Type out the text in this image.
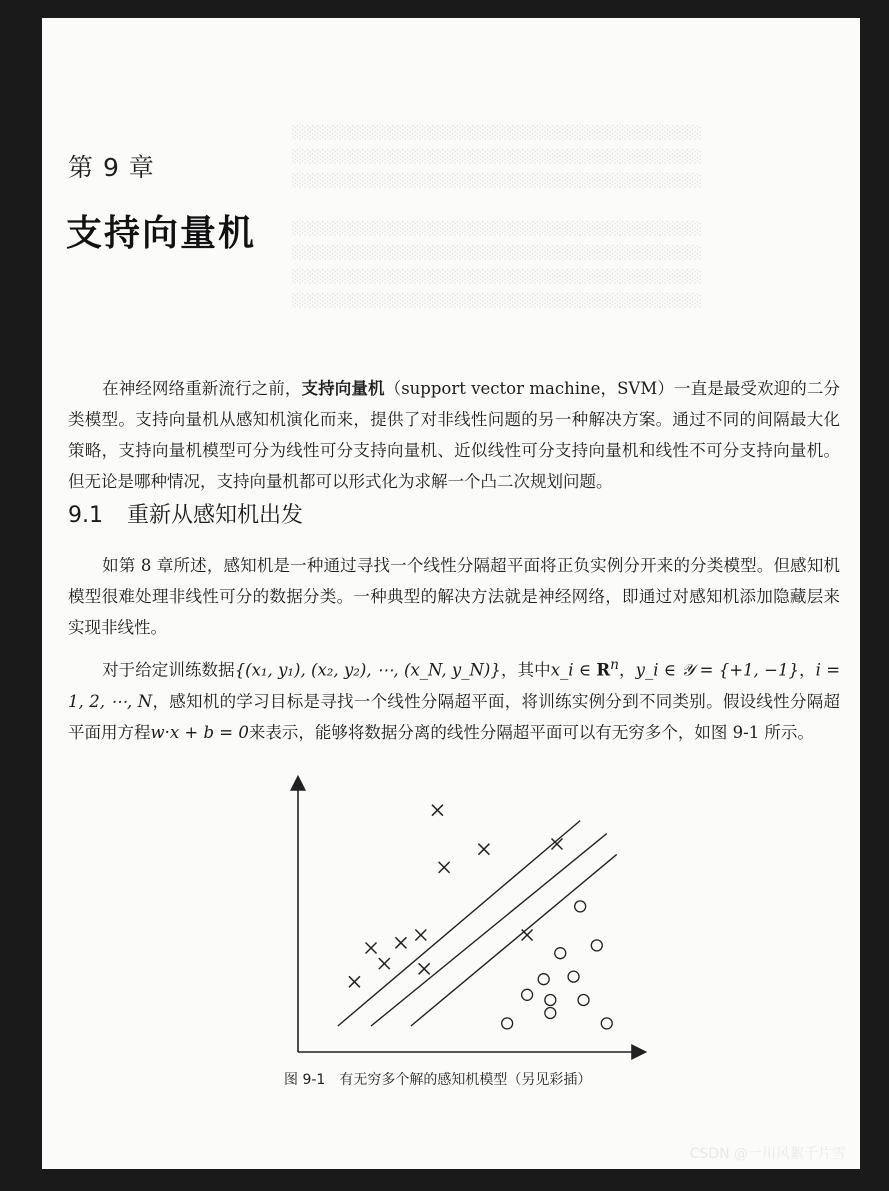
░░░░░░░░░░░░░░░░░░░░░░░░░░░░░░░░░░░░░░░░░
░░░░░░░░░░░░░░░░░░░░░░░░░░░░░░░░░░░░░░░░░
░░░░░░░░░░░░░░░░░░░░░░░░░░░░░░░░░░░░░░░░░
░░░░░░░░░░░░░░░░░░░░░░░░░░░░░░░░░░░░░░░░░
░░░░░░░░░░░░░░░░░░░░░░░░░░░░░░░░░░░░░░░░░
░░░░░░░░░░░░░░░░░░░░░░░░░░░░░░░░░░░░░░░░░
░░░░░░░░░░░░░░░░░░░░░░░░░░░░░░░░░░░░░░░░░
第 9 章
支持向量机
在神经网络重新流行之前，支持向量机（support vector machine，SVM）一直是最受欢迎的二分类模型。支持向量机从感知机演化而来，提供了对非线性问题的另一种解决方案。通过不同的间隔最大化策略，支持向量机模型可分为线性可分支持向量机、近似线性可分支持向量机和线性不可分支持向量机。但无论是哪种情况，支持向量机都可以形式化为求解一个凸二次规划问题。
9.1 重新从感知机出发
如第 8 章所述，感知机是一种通过寻找一个线性分隔超平面将正负实例分开来的分类模型。但感知机模型很难处理非线性可分的数据分类。一种典型的解决方法就是神经网络，即通过对感知机添加隐藏层来实现非线性。
对于给定训练数据{(x₁, y₁), (x₂, y₂), ⋯, (x_N, y_N)}，其中x_i ∈ $R^n$，y_i ∈ 𝒴 = {+1, −1}，i = 1, 2, ⋯, N，感知机的学习目标是寻找一个线性分隔超平面，将训练实例分到不同类别。假设线性分隔超平面用方程w·x + b = 0来表示，能够将数据分离的线性分隔超平面可以有无穷多个，如图 9-1 所示。
图 9-1 有无穷多个解的感知机模型（另见彩插）
CSDN @一川风絮千片雪
